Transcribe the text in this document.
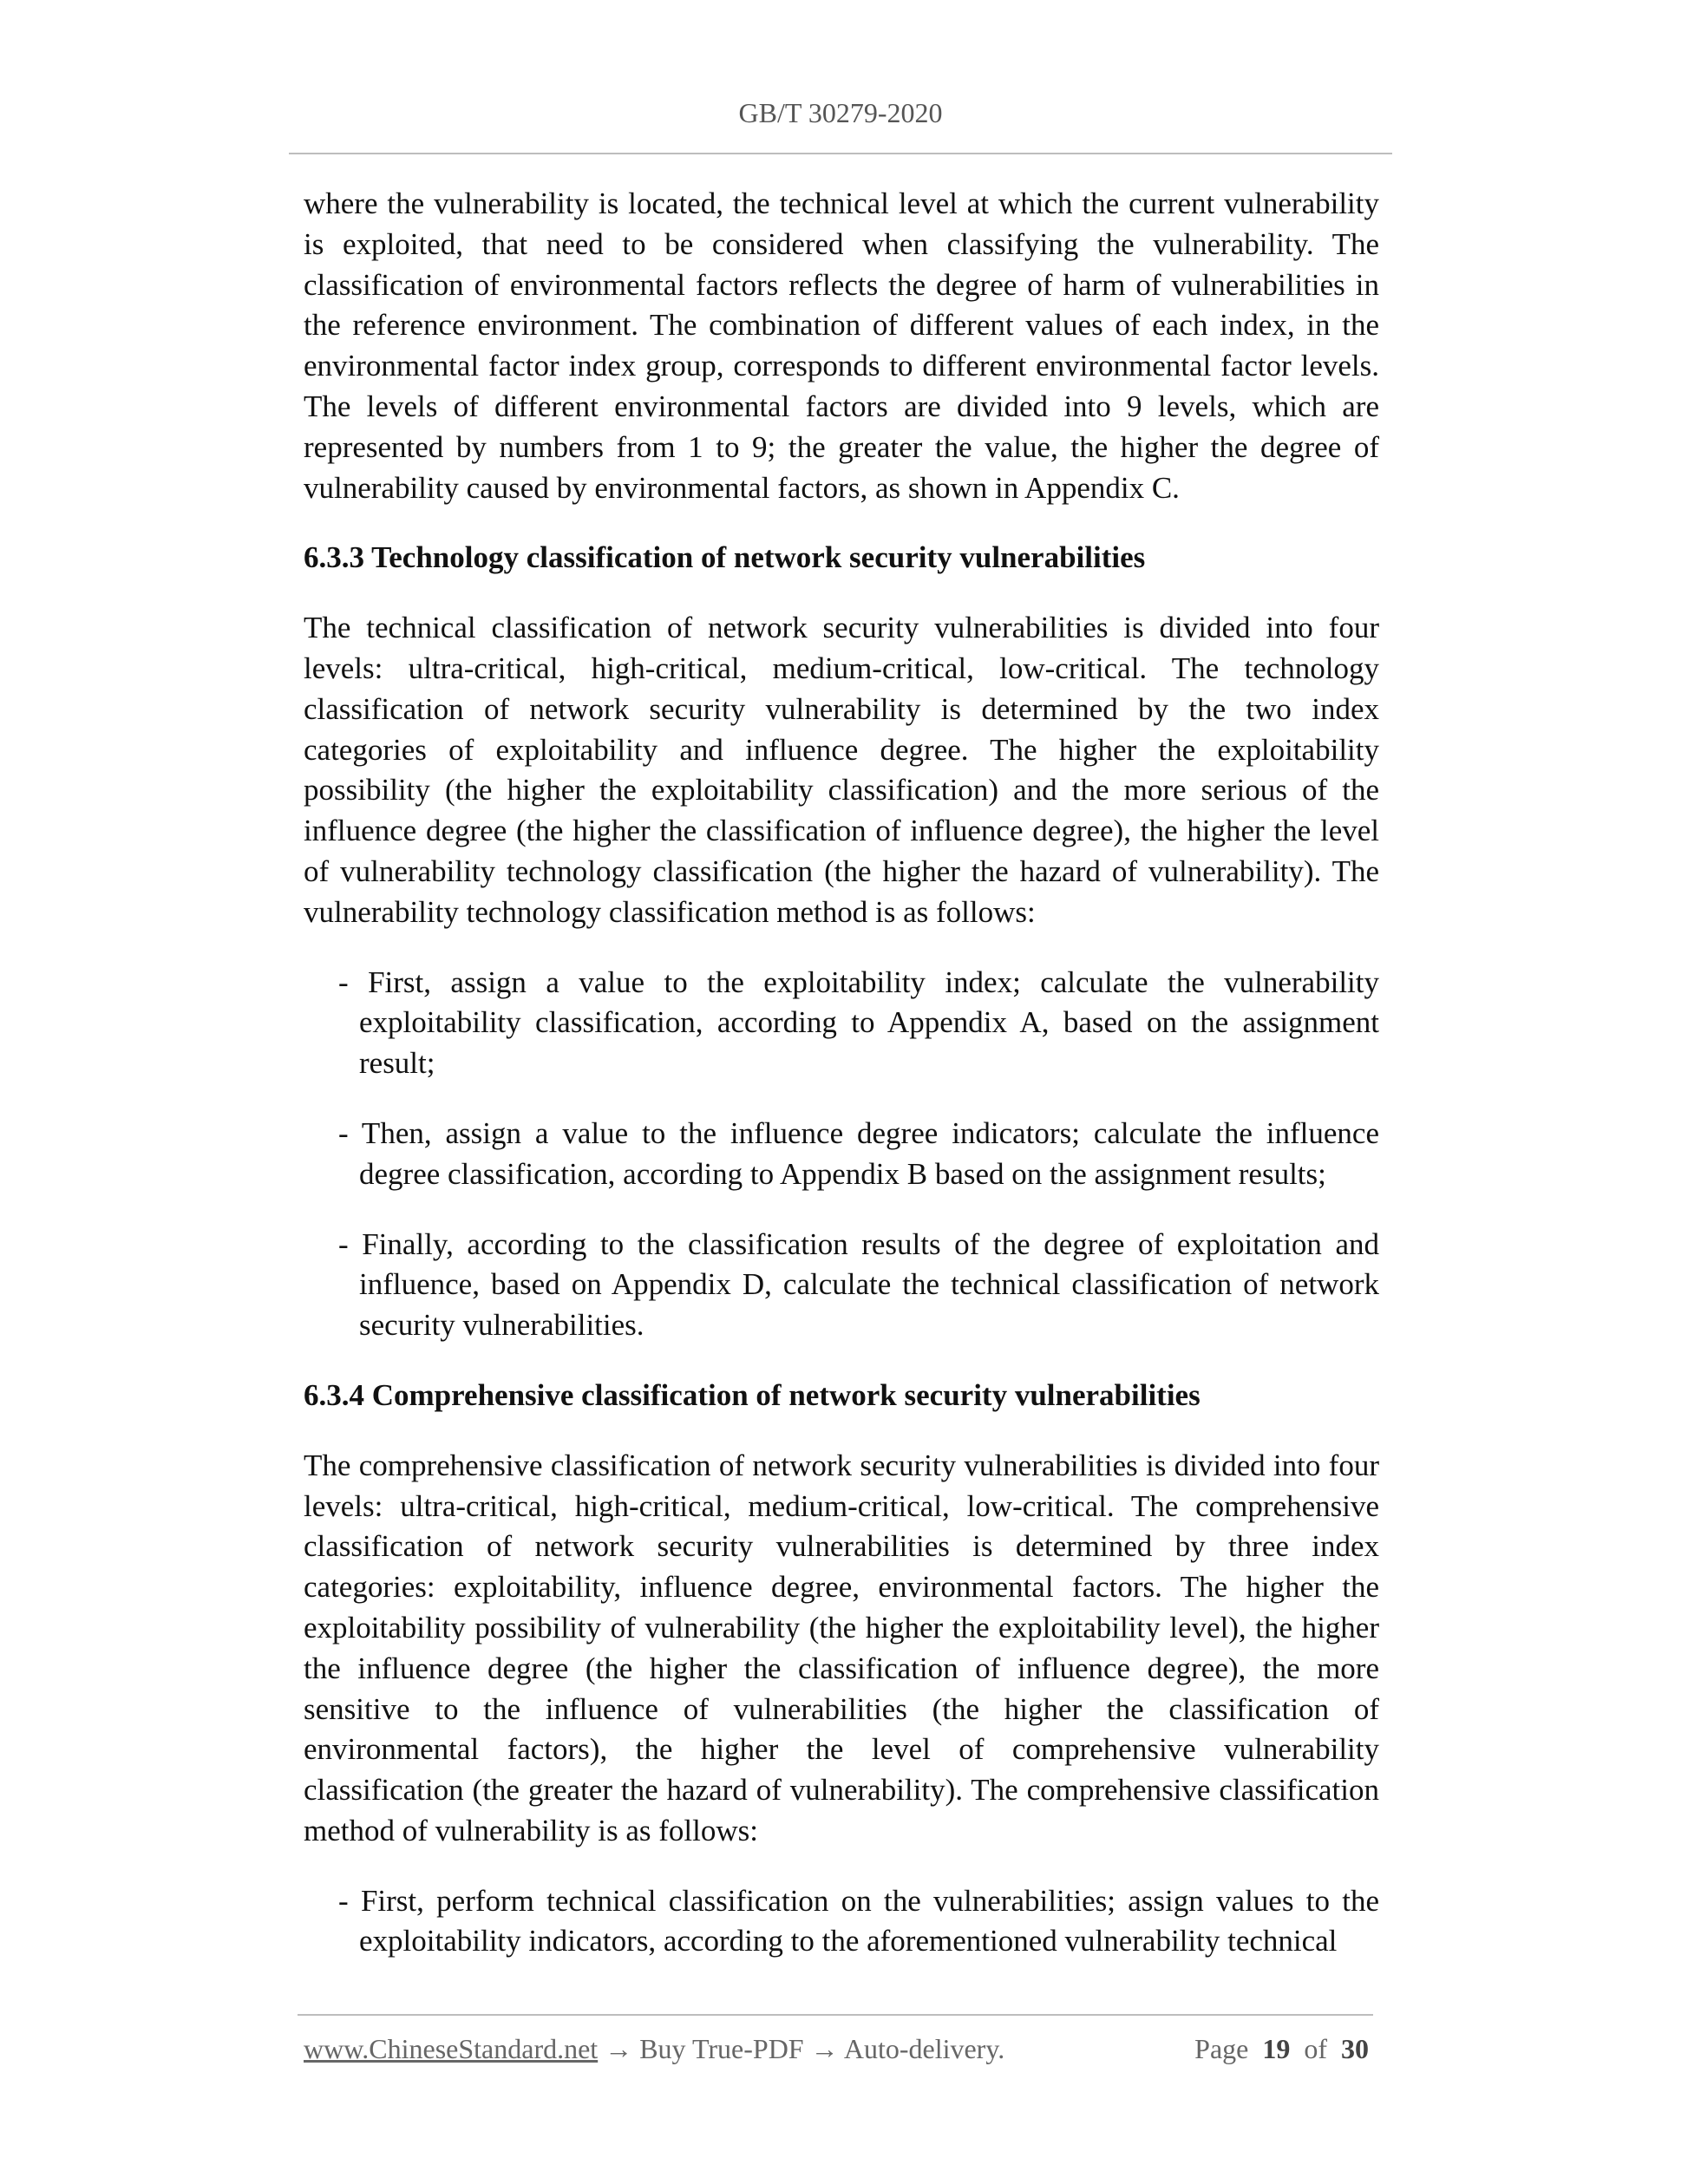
GB/T 30279-2020

where the vulnerability is located, the technical level at which the current vulnerability is exploited, that need to be considered when classifying the vulnerability. The classification of environmental factors reflects the degree of harm of vulnerabilities in the reference environment. The combination of different values of each index, in the environmental factor index group, corresponds to different environmental factor levels. The levels of different environmental factors are divided into 9 levels, which are represented by numbers from 1 to 9; the greater the value, the higher the degree of vulnerability caused by environmental factors, as shown in Appendix C.

6.3.3 Technology classification of network security vulnerabilities

The technical classification of network security vulnerabilities is divided into four levels: ultra-critical, high-critical, medium-critical, low-critical. The technology classification of network security vulnerability is determined by the two index categories of exploitability and influence degree. The higher the exploitability possibility (the higher the exploitability classification) and the more serious of the influence degree (the higher the classification of influence degree), the higher the level of vulnerability technology classification (the higher the hazard of vulnerability). The vulnerability technology classification method is as follows:

- First, assign a value to the exploitability index; calculate the vulnerability exploitability classification, according to Appendix A, based on the assignment result;

- Then, assign a value to the influence degree indicators; calculate the influence degree classification, according to Appendix B based on the assignment results;

- Finally, according to the classification results of the degree of exploitation and influence, based on Appendix D, calculate the technical classification of network security vulnerabilities.

6.3.4 Comprehensive classification of network security vulnerabilities

The comprehensive classification of network security vulnerabilities is divided into four levels: ultra-critical, high-critical, medium-critical, low-critical. The comprehensive classification of network security vulnerabilities is determined by three index categories: exploitability, influence degree, environmental factors. The higher the exploitability possibility of vulnerability (the higher the exploitability level), the higher the influence degree (the higher the classification of influence degree), the more sensitive to the influence of vulnerabilities (the higher the classification of environmental factors), the higher the level of comprehensive vulnerability classification (the greater the hazard of vulnerability). The comprehensive classification method of vulnerability is as follows:

- First, perform technical classification on the vulnerabilities; assign values to the exploitability indicators, according to the aforementioned vulnerability technical

www.ChineseStandard.net → Buy True-PDF → Auto-delivery.	Page 19 of 30
